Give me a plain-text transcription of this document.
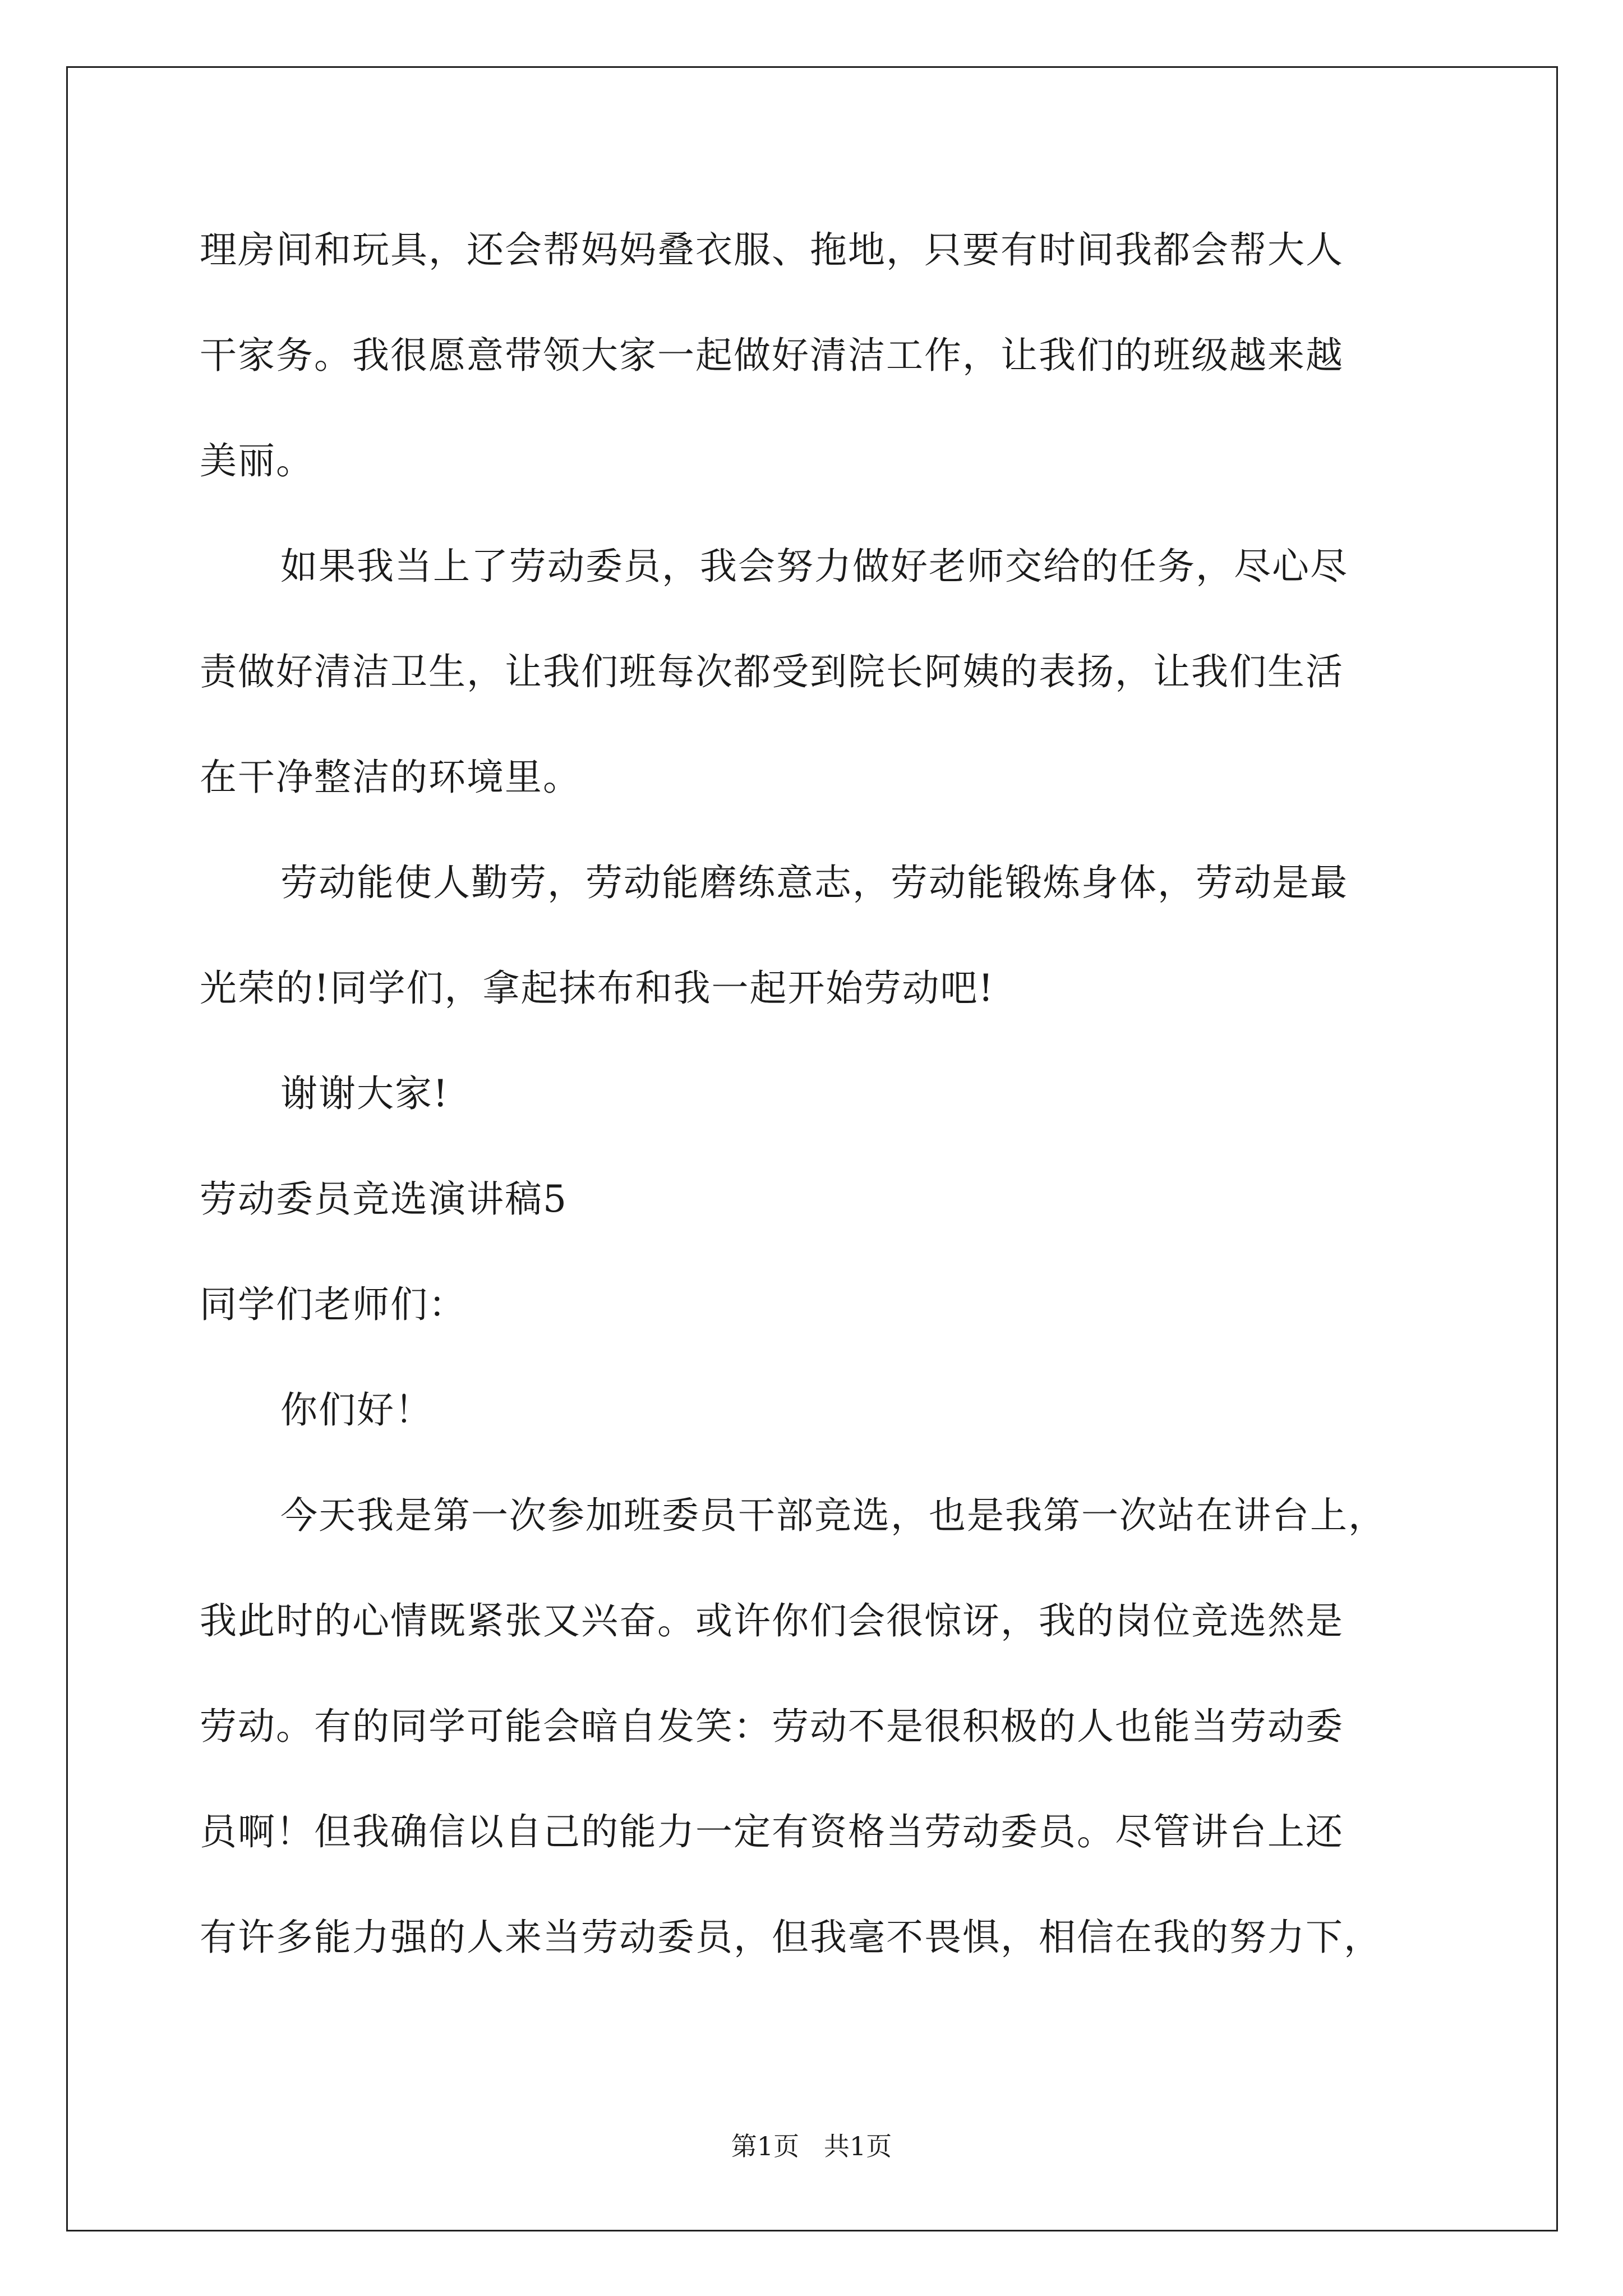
理房间和玩具，还会帮妈妈叠衣服、拖地，只要有时间我都会帮大人
干家务。我很愿意带领大家一起做好清洁工作，让我们的班级越来越
美丽。
如果我当上了劳动委员，我会努力做好老师交给的任务，尽心尽
责做好清洁卫生，让我们班每次都受到院长阿姨的表扬，让我们生活
在干净整洁的环境里。
劳动能使人勤劳，劳动能磨练意志，劳动能锻炼身体，劳动是最
光荣的!同学们，拿起抹布和我一起开始劳动吧!
谢谢大家!
劳动委员竞选演讲稿5
同学们老师们：
你们好！
今天我是第一次参加班委员干部竞选，也是我第一次站在讲台上，
我此时的心情既紧张又兴奋。或许你们会很惊讶，我的岗位竞选然是
劳动。有的同学可能会暗自发笑：劳动不是很积极的人也能当劳动委
员啊！但我确信以自己的能力一定有资格当劳动委员。尽管讲台上还
有许多能力强的人来当劳动委员，但我毫不畏惧，相信在我的努力下，
第1页   共1页
